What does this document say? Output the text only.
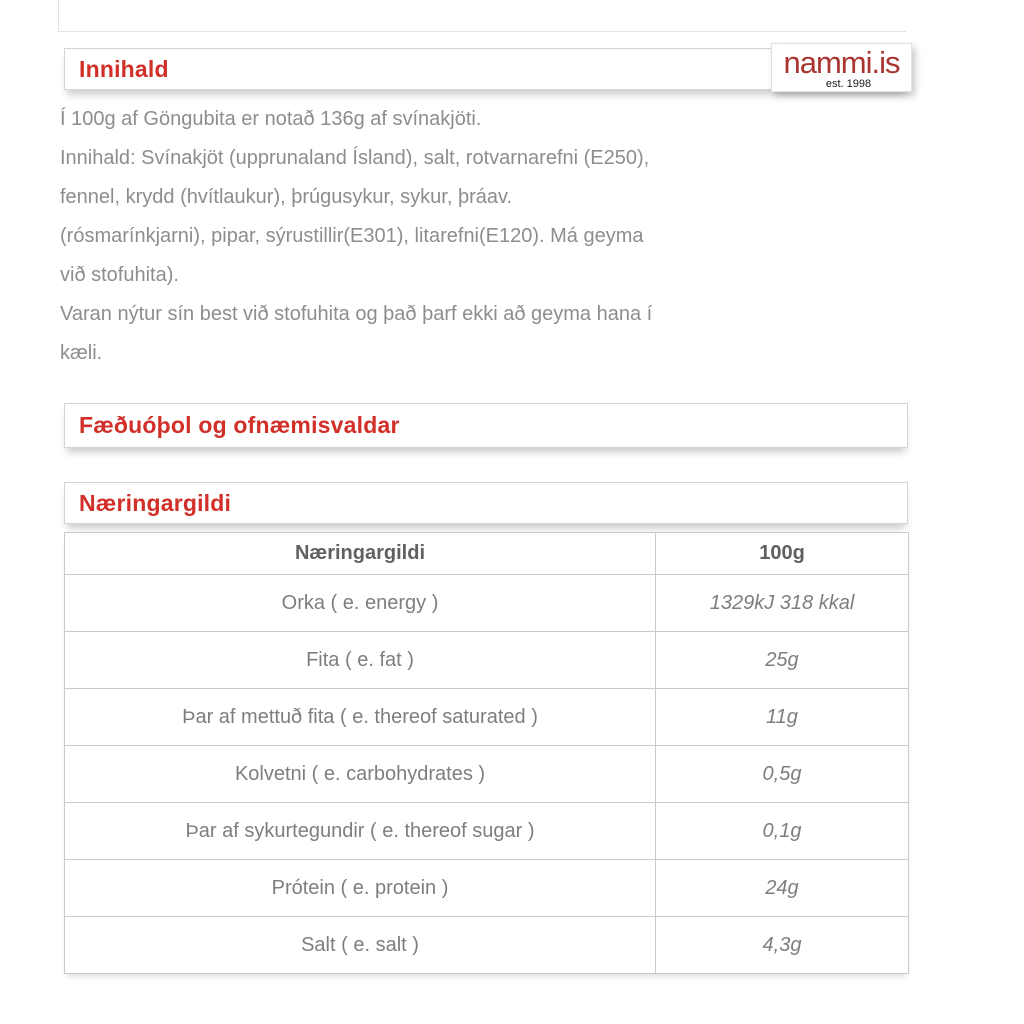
Innihald	nammi.is
est. 1998
Í 100g af Göngubita er notað 136g af svínakjöti.
Innihald: Svínakjöt (upprunaland Ísland), salt, rotvarnarefni (E250),
fennel, krydd (hvítlaukur), þrúgusykur, sykur, þráav.
(rósmarínkjarni), pipar, sýrustillir(E301), litarefni(E120). Má geyma
við stofuhita).
Varan nýtur sín best við stofuhita og það þarf ekki að geyma hana í
kæli.
Fæðuóþol og ofnæmisvaldar
Næringargildi
Næringargildi	100g
Orka ( e. energy )	1329kJ 318 kkal
Fita ( e. fat )	25g
Þar af mettuð fita ( e. thereof saturated )	11g
Kolvetni ( e. carbohydrates )	0,5g
Þar af sykurtegundir ( e. thereof sugar )	0,1g
Prótein ( e. protein )	24g
Salt ( e. salt )	4,3g
